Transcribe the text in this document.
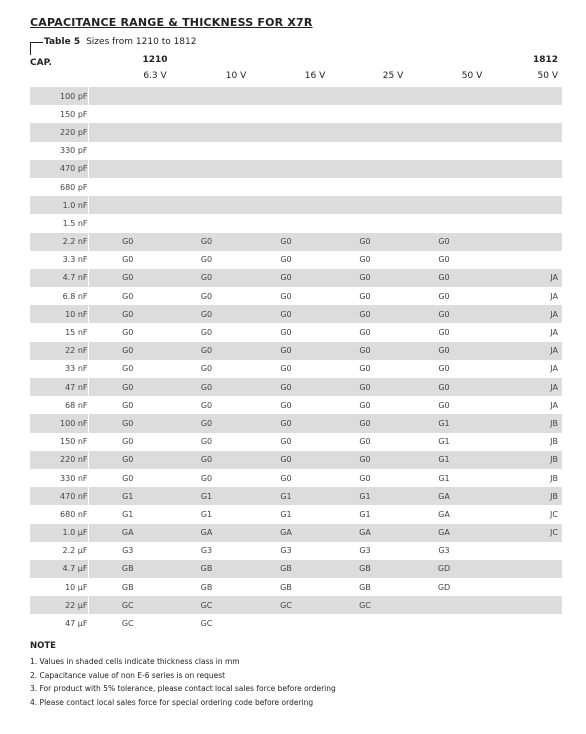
CAPACITANCE RANGE & THICKNESS FOR X7R
Table 5 Sizes from 1210 to 1812
CAP.	1210	1812
6.3 V	10 V	16 V	25 V	50 V	50 V
100 pF						
150 pF						
220 pF						
330 pF						
470 pF						
680 pF						
1.0 nF						
1.5 nF						
2.2 nF	G0	G0	G0	G0	G0	
3.3 nF	G0	G0	G0	G0	G0	
4.7 nF	G0	G0	G0	G0	G0	JA
6.8 nF	G0	G0	G0	G0	G0	JA
10 nF	G0	G0	G0	G0	G0	JA
15 nF	G0	G0	G0	G0	G0	JA
22 nF	G0	G0	G0	G0	G0	JA
33 nF	G0	G0	G0	G0	G0	JA
47 nF	G0	G0	G0	G0	G0	JA
68 nF	G0	G0	G0	G0	G0	JA
100 nF	G0	G0	G0	G0	G1	JB
150 nF	G0	G0	G0	G0	G1	JB
220 nF	G0	G0	G0	G0	G1	JB
330 nF	G0	G0	G0	G0	G1	JB
470 nF	G1	G1	G1	G1	GA	JB
680 nF	G1	G1	G1	G1	GA	JC
1.0 µF	GA	GA	GA	GA	GA	JC
2.2 µF	G3	G3	G3	G3	G3	
4.7 µF	GB	GB	GB	GB	GD	
10 µF	GB	GB	GB	GB	GD	
22 µF	GC	GC	GC	GC		
47 µF	GC	GC				
NOTE
1. Values in shaded cells indicate thickness class in mm
2. Capacitance value of non E-6 series is on request
3. For product with 5% tolerance, please contact local sales force before ordering
4. Please contact local sales force for special ordering code before ordering
